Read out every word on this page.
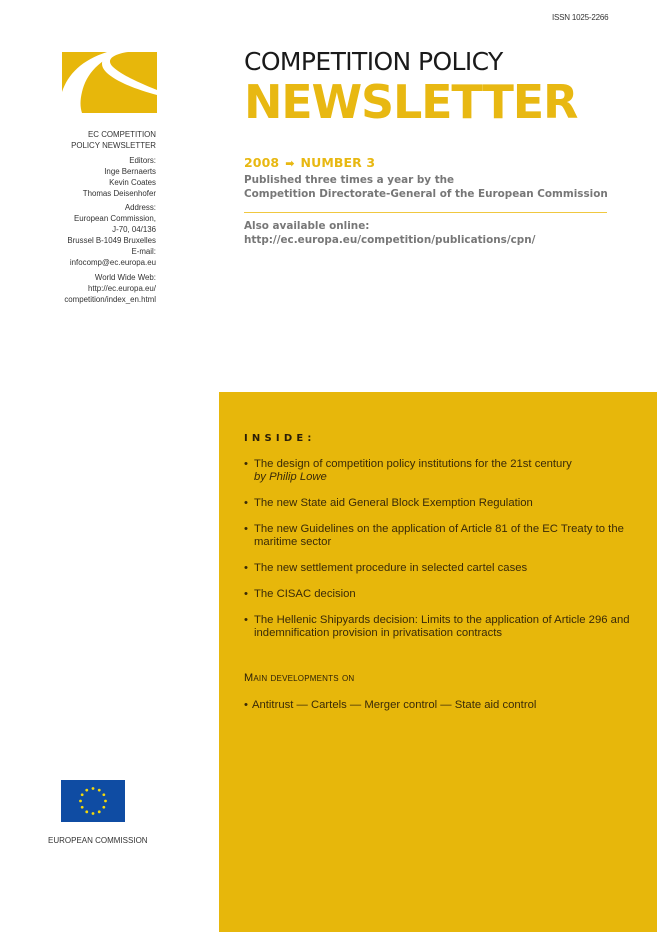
ISSN 1025-2266
EC COMPETITION
POLICY NEWSLETTER
Editors:
Inge Bernaerts
Kevin Coates
Thomas Deisenhofer
Address:
European Commission,
J-70, 04/136
Brussel B-1049 Bruxelles
E-mail:
infocomp@ec.europa.eu
World Wide Web:
http://ec.europa.eu/
competition/index_en.html
COMPETITION POLICY
NEWSLETTER
2008 ➡ NUMBER 3
Published three times a year by the
Competition Directorate-General of the European Commission
Also available online:
http://ec.europa.eu/competition/publications/cpn/
INSIDE:
• The design of competition policy institutions for the 21st century
by Philip Lowe
• The new State aid General Block Exemption Regulation
• The new Guidelines on the application of Article 81 of the EC Treaty to the maritime sector
• The new settlement procedure in selected cartel cases
• The CISAC decision
• The Hellenic Shipyards decision: Limits to the application of Article 296 and indemnification provision in privatisation contracts
Main developments on
• Antitrust — Cartels — Merger control — State aid control
EUROPEAN COMMISSION
